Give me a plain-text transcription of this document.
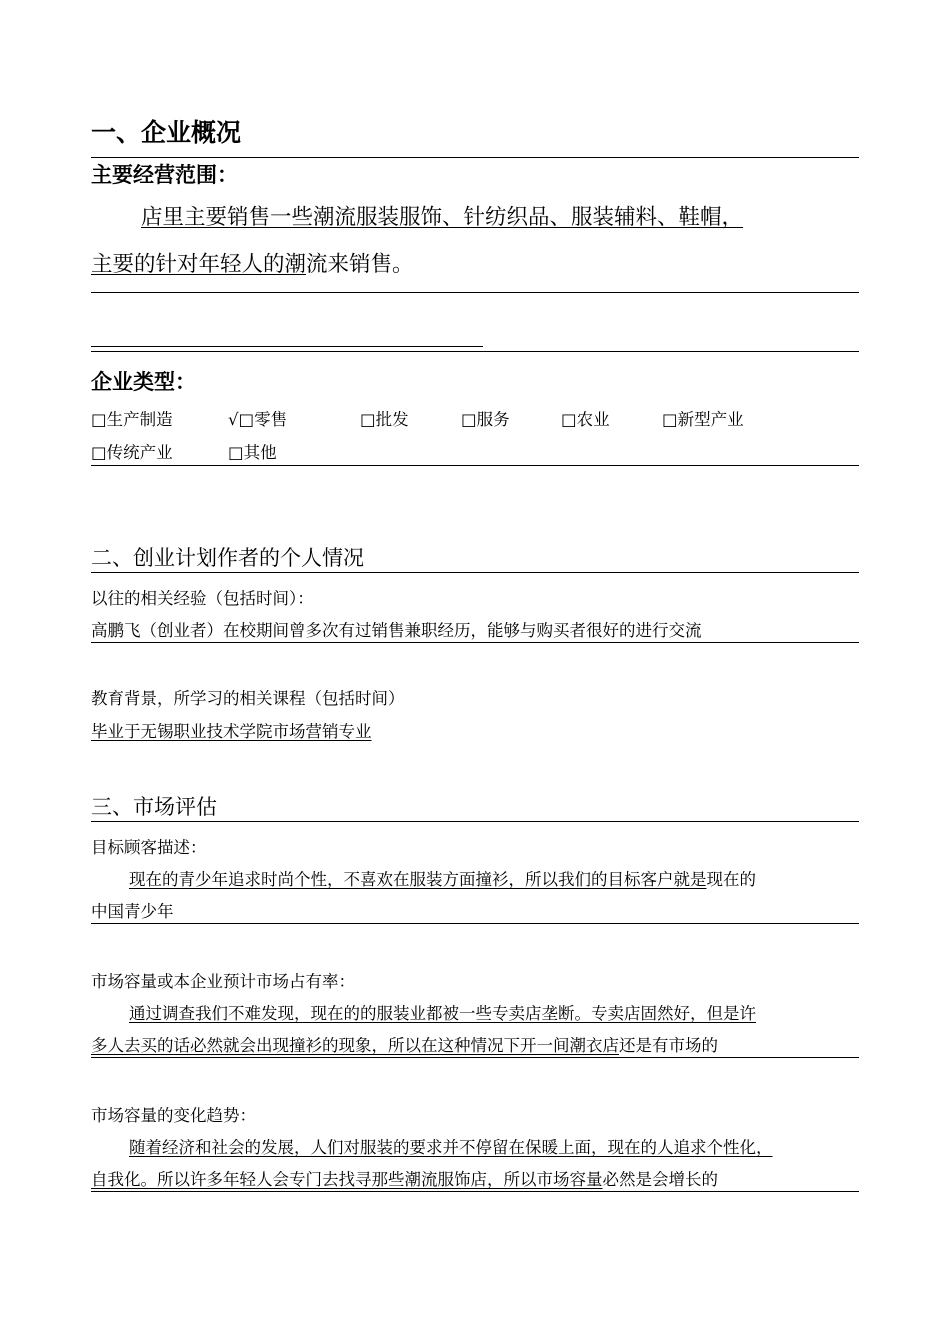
一、企业概况
主要经营范围：
店里主要销售一些潮流服装服饰、针纺织品、服装辅料、鞋帽，
主要的针对年轻人的潮流来销售。
企业类型：
□生产制造	√□零售	□批发	□服务	□农业	□新型产业
□传统产业	□其他
二、创业计划作者的个人情况
以往的相关经验（包括时间）：
高鹏飞（创业者）在校期间曾多次有过销售兼职经历，能够与购买者很好的进行交流
教育背景，所学习的相关课程（包括时间）
毕业于无锡职业技术学院市场营销专业
三、市场评估
目标顾客描述：
现在的青少年追求时尚个性，不喜欢在服装方面撞衫，所以我们的目标客户就是现在的
中国青少年
市场容量或本企业预计市场占有率：
通过调查我们不难发现，现在的的服装业都被一些专卖店垄断。专卖店固然好，但是许
多人去买的话必然就会出现撞衫的现象，所以在这种情况下开一间潮衣店还是有市场的
市场容量的变化趋势：
随着经济和社会的发展，人们对服装的要求并不停留在保暖上面，现在的人追求个性化，
自我化。所以许多年轻人会专门去找寻那些潮流服饰店，所以市场容量必然是会增长的
